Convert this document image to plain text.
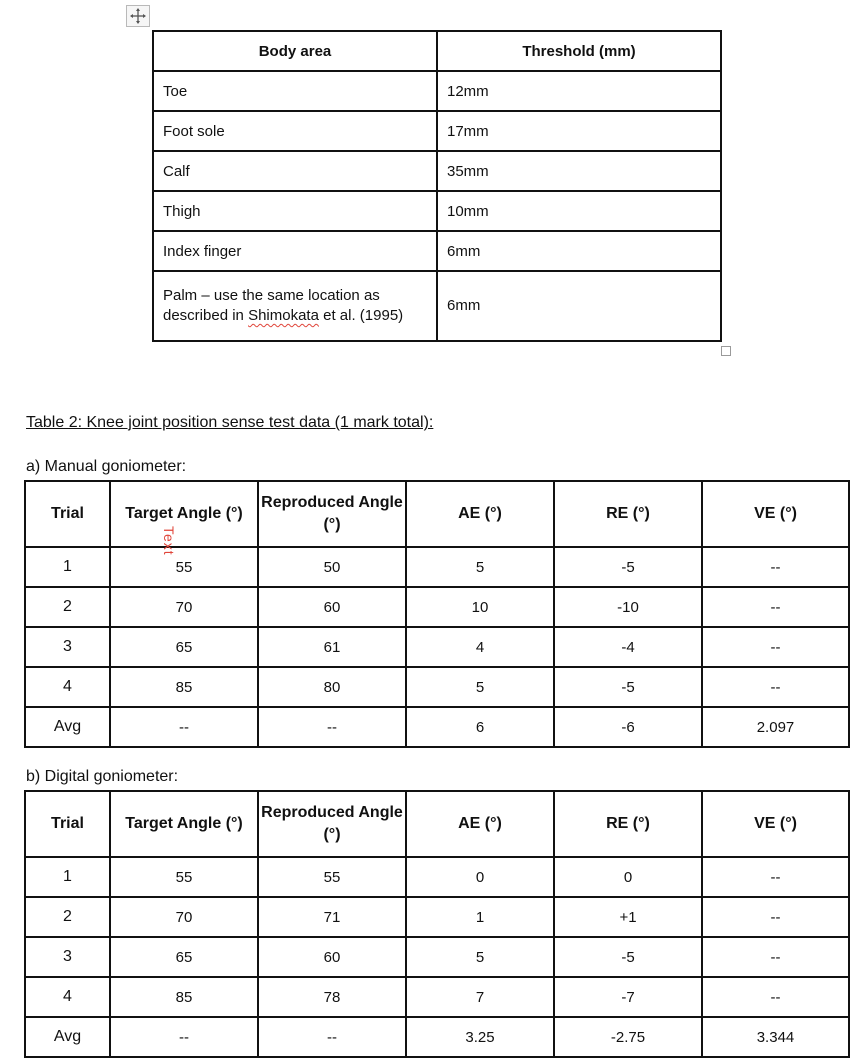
Body area	Threshold (mm)
Toe	12mm
Foot sole	17mm
Calf	35mm
Thigh	10mm
Index finger	6mm
Palm – use the same location as described in Shimokata et al. (1995)	6mm
Table 2: Knee joint position sense test data (1 mark total):
a) Manual goniometer:
Trial	Target Angle (°)	Reproduced Angle (°)	AE (°)	RE (°)	VE (°)
1	55	50	5	-5	--
2	70	60	10	-10	--
3	65	61	4	-4	--
4	85	80	5	-5	--
Avg	--	--	6	-6	2.097
Text
b) Digital goniometer:
Trial	Target Angle (°)	Reproduced Angle (°)	AE (°)	RE (°)	VE (°)
1	55	55	0	0	--
2	70	71	1	+1	--
3	65	60	5	-5	--
4	85	78	7	-7	--
Avg	--	--	3.25	-2.75	3.344
